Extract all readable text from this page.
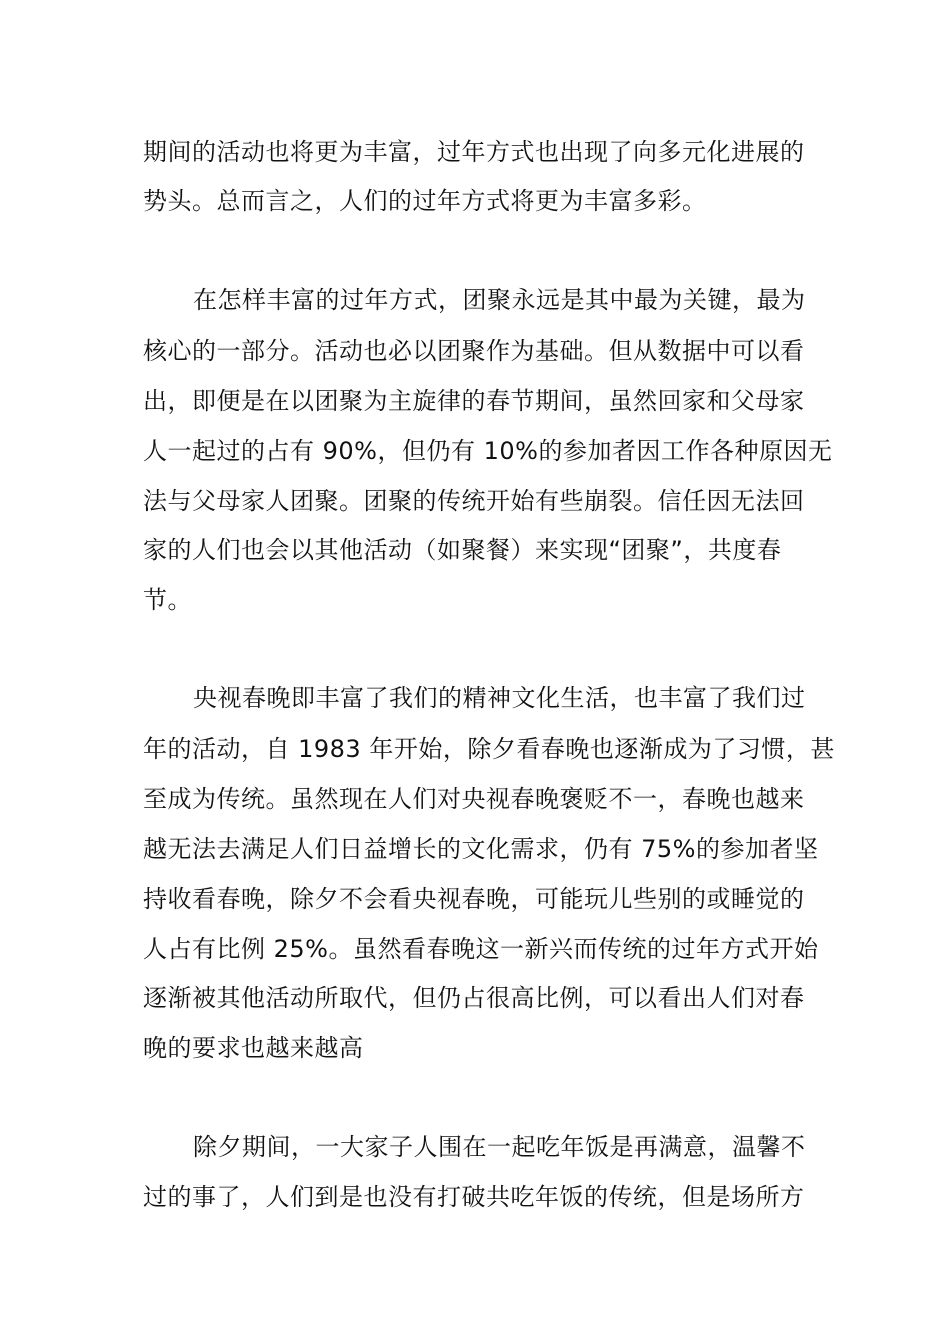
期间的活动也将更为丰富，过年方式也出现了向多元化进展的
势头。总而言之，人们的过年方式将更为丰富多彩。
在怎样丰富的过年方式，团聚永远是其中最为关键，最为
核心的一部分。活动也必以团聚作为基础。但从数据中可以看
出，即便是在以团聚为主旋律的春节期间，虽然回家和父母家
人一起过的占有 90%，但仍有 10%的参加者因工作各种原因无
法与父母家人团聚。团聚的传统开始有些崩裂。信任因无法回
家的人们也会以其他活动（如聚餐）来实现“团聚”，共度春
节。
央视春晚即丰富了我们的精神文化生活，也丰富了我们过
年的活动，自 1983 年开始，除夕看春晚也逐渐成为了习惯，甚
至成为传统。虽然现在人们对央视春晚褒贬不一，春晚也越来
越无法去满足人们日益增长的文化需求，仍有 75%的参加者坚
持收看春晚，除夕不会看央视春晚，可能玩儿些别的或睡觉的
人占有比例 25%。虽然看春晚这一新兴而传统的过年方式开始
逐渐被其他活动所取代，但仍占很高比例，可以看出人们对春
晚的要求也越来越高
除夕期间，一大家子人围在一起吃年饭是再满意，温馨不
过的事了，人们到是也没有打破共吃年饭的传统，但是场所方
